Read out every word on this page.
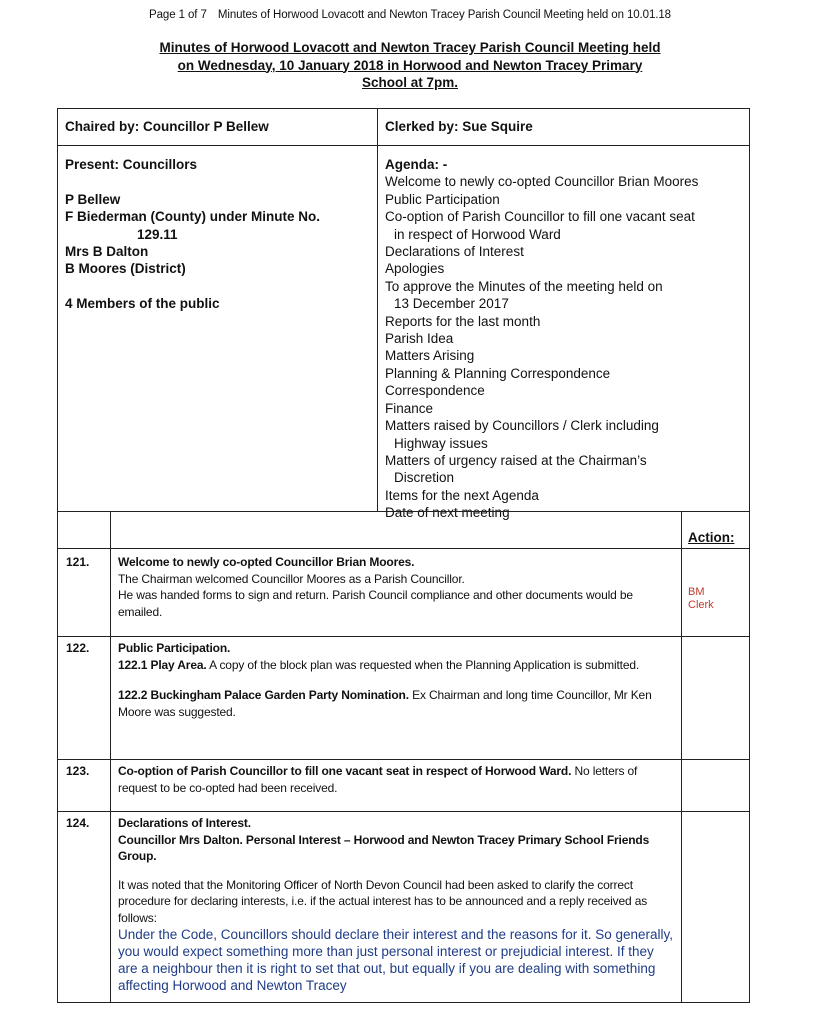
Page 1 of 7 Minutes of Horwood Lovacott and Newton Tracey Parish Council Meeting held on 10.01.18
Minutes of Horwood Lovacott and Newton Tracey Parish Council Meeting held
on Wednesday, 10 January 2018 in Horwood and Newton Tracey Primary
School at 7pm.
Chaired by: Councillor P Bellew	Clerked by: Sue Squire
Present: Councillors
P Bellew
F Biederman (County) under Minute No.
129.11
Mrs B Dalton
B Moores (District)
4 Members of the public
Agenda: -
Welcome to newly co-opted Councillor Brian Moores
Public Participation
Co-option of Parish Councillor to fill one vacant seat
in respect of Horwood Ward
Declarations of Interest
Apologies
To approve the Minutes of the meeting held on
13 December 2017
Reports for the last month
Parish Idea
Matters Arising
Planning & Planning Correspondence
Correspondence
Finance
Matters raised by Councillors / Clerk including
Highway issues
Matters of urgency raised at the Chairman’s
Discretion
Items for the next Agenda
Date of next meeting
Action:
121. Welcome to newly co-opted Councillor Brian Moores.

The Chairman welcomed Councillor Moores as a Parish Councillor.

He was handed forms to sign and return. Parish Council compliance and other documents would be emailed.

BM
Clerk
122. Public Participation.

122.1 Play Area. A copy of the block plan was requested when the Planning Application is submitted.

122.2 Buckingham Palace Garden Party Nomination. Ex Chairman and long time Councillor, Mr Ken Moore was suggested.

123. Co-option of Parish Councillor to fill one vacant seat in respect of Horwood Ward. No letters of request to be co-opted had been received.

124. Declarations of Interest.

Councillor Mrs Dalton. Personal Interest – Horwood and Newton Tracey Primary School Friends Group.

It was noted that the Monitoring Officer of North Devon Council had been asked to clarify the correct procedure for declaring interests, i.e. if the actual interest has to be announced and a reply received as follows:

Under the Code, Councillors should declare their interest and the reasons for it. So generally, you would expect something more than just personal interest or prejudicial interest. If they are a neighbour then it is right to set that out, but equally if you are dealing with something affecting Horwood and Newton Tracey
